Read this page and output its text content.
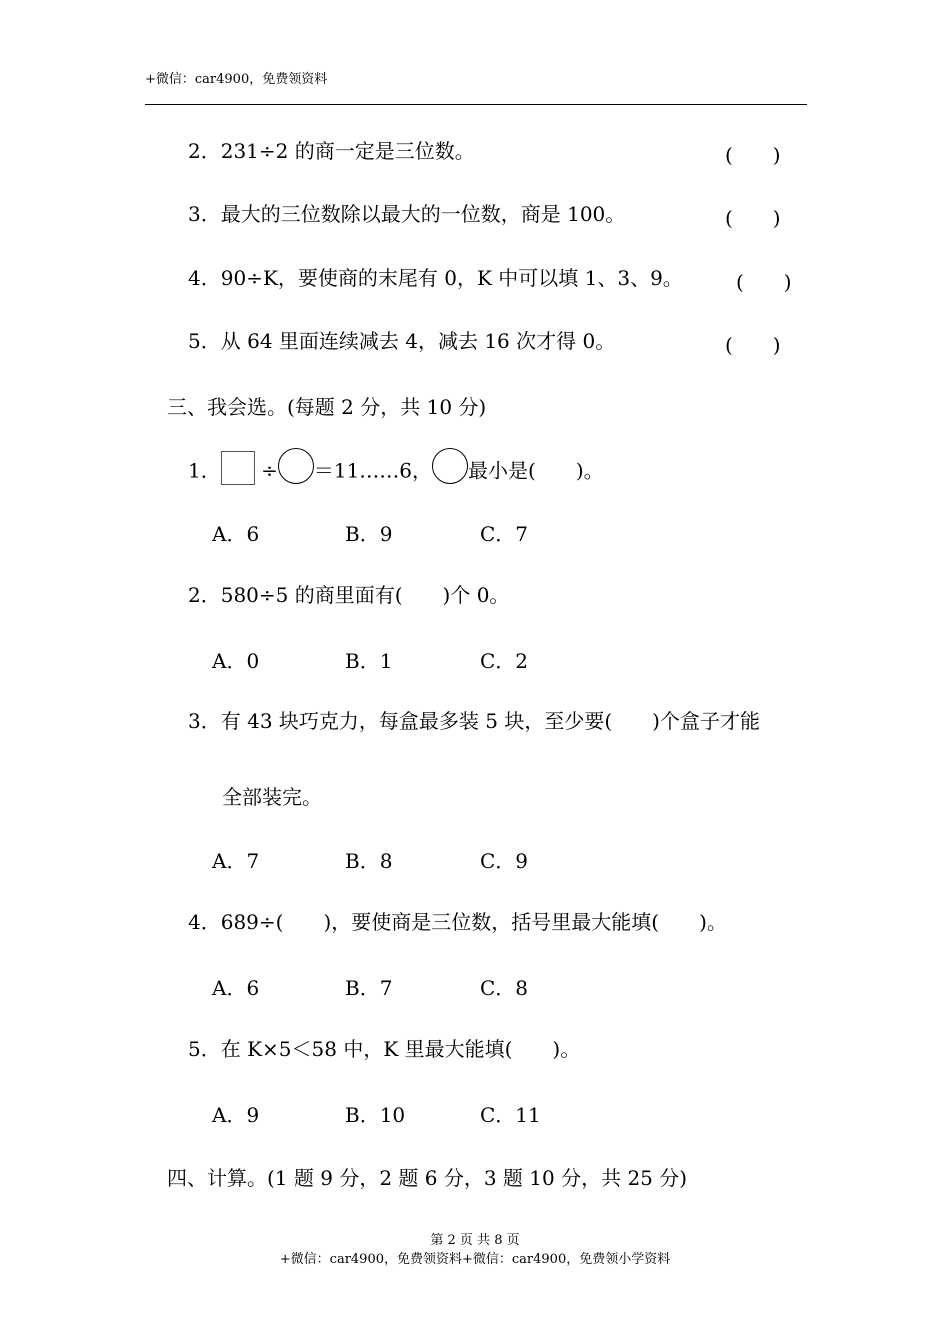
+微信：car4900，免费领资料
2．231÷2 的商一定是三位数。	(　　)
3．最大的三位数除以最大的一位数，商是 100。	(　　)
4．90÷K，要使商的末尾有 0，K 中可以填 1、3、9。	(　　)
5．从 64 里面连续减去 4，减去 16 次才得 0。	(　　)
三、我会选。(每题 2 分，共 10 分)
1． ÷ ＝11……6， 最小是(　　)。
A．6	B．9	C．7
2．580÷5 的商里面有(　　)个 0。
A．0	B．1	C．2
3．有 43 块巧克力，每盒最多装 5 块，至少要(　　)个盒子才能
全部装完。
A．7	B．8	C．9
4．689÷(　　)，要使商是三位数，括号里最大能填(　　)。
A．6	B．7	C．8
5．在 K×5＜58 中，K 里最大能填(　　)。
A．9	B．10	C．11
四、计算。(1 题 9 分，2 题 6 分，3 题 10 分，共 25 分)
第 2 页 共 8 页
+微信：car4900，免费领资料+微信：car4900，免费领小学资料
